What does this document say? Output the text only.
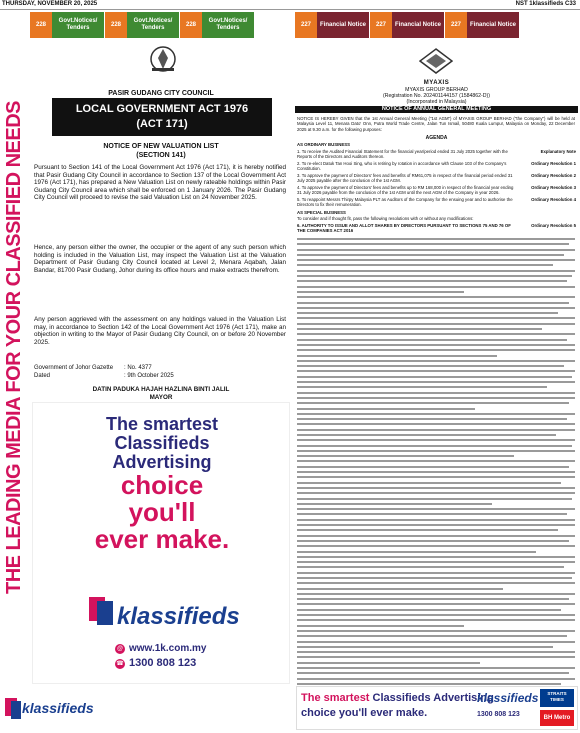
THURSDAY, NOVEMBER 20, 2025	NST 1klassifieds C33
THE LEADING MEDIA FOR YOUR CLASSIFIED NEEDS
klassifieds
228
Govt.Notices/ Tenders	228
Govt.Notices/ Tenders	228
Govt.Notices/ Tenders	227	Financial Notice	227	Financial Notice	227	Financial Notice
PASIR GUDANG CITY COUNCIL
LOCAL GOVERNMENT ACT 1976
(ACT 171)
NOTICE OF NEW VALUATION LIST
(SECTION 141)

Pursuant to Section 141 of the Local Government Act 1976 (Act 171), it is hereby notified that Pasir Gudang City Council in accordance to Section 137 of the Local Government Act 1976 (Act 171), has prepared a New Valuation List on newly rateable holdings within Pasir Gudang City Council area which shall be enforced on 1 January 2026. The Pasir Gudang City Council will proceed to revise the said Valuation List on 24 November 2025.

Hence, any person either the owner, the occupier or the agent of any such person which holding is included in the Valuation List, may inspect the Valuation List at the Valuation Department of Pasir Gudang City Council located at Level 2, Menara Aqabah, Jalan Bandar, 81700 Pasir Gudang, Johor during its office hours and make extracts therefrom.

Any person aggrieved with the assessment on any holdings valued in the Valuation List may, in accordance to Section 142 of the Local Government Act 1976 (Act 171), make an objection in writing to the Mayor of Pasir Gudang City Council, on or before 20 November 2025.

Government of Johor Gazette	: No. 4377
Dated	: 9th October 2025
DATIN PADUKA HAJAH HAZLINA BINTI JALIL
MAYOR
The smartest
Classifieds
Advertising
choice
you'll
ever make.
klassifieds
@ www.1k.com.my
☎ 1300 808 123
MYAXIS
MYAXIS GROUP BERHAD
(Registration No. 202401144157 (1584862-D))
(Incorporated in Malaysia)
NOTICE OF ANNUAL GENERAL MEETING

NOTICE IS HEREBY GIVEN that the 1st Annual General Meeting ("1st AGM") of MYAXIS GROUP BERHAD ("the Company") will be held at Malaysia Level 11, Menara Dato' Onn, Putra World Trade Centre, Jalan Tun Ismail, 50480 Kuala Lumpur, Malaysia on Monday, 22 December 2025 at 9.30 a.m. for the following purposes:

AGENDA
AS ORDINARY BUSINESS
1. To receive the Audited Financial Statement for the financial year/period ended 31 July 2025 together with the Reports of the Directors and Auditors thereon.
Explanatory Note
2. To re-elect Datuk Tan Hooi Sing, who is retiring by rotation in accordance with Clause 103 of the Company's Constitution.
Ordinary Resolution 1
3. To approve the payment of Directors' fees and benefits of RM61,075 in respect of the financial period ended 31 July 2025 payable after the conclusion of the 1st AGM.
Ordinary Resolution 2
4. To approve the payment of Directors' fees and benefits up to RM 168,000 in respect of the financial year ending 31 July 2026 payable from the conclusion of the 1st AGM until the next AGM of the Company in year 2026.
Ordinary Resolution 3
5. To reappoint Messrs Thirpy Malaysia PLT as Auditors of the Company for the ensuing year and to authorise the Directors to fix their remuneration.
Ordinary Resolution 4
AS SPECIAL BUSINESS
To consider and if thought fit, pass the following resolutions with or without any modifications:
6. AUTHORITY TO ISSUE AND ALLOT SHARES BY DIRECTORS PURSUANT TO SECTIONS 75 AND 76 OF THE COMPANIES ACT 2016
Ordinary Resolution 5
The smartest Classifieds Advertising
choice you'll ever make.
klassifieds
1300 808 123
STRAITS TIMES
BH Metro
